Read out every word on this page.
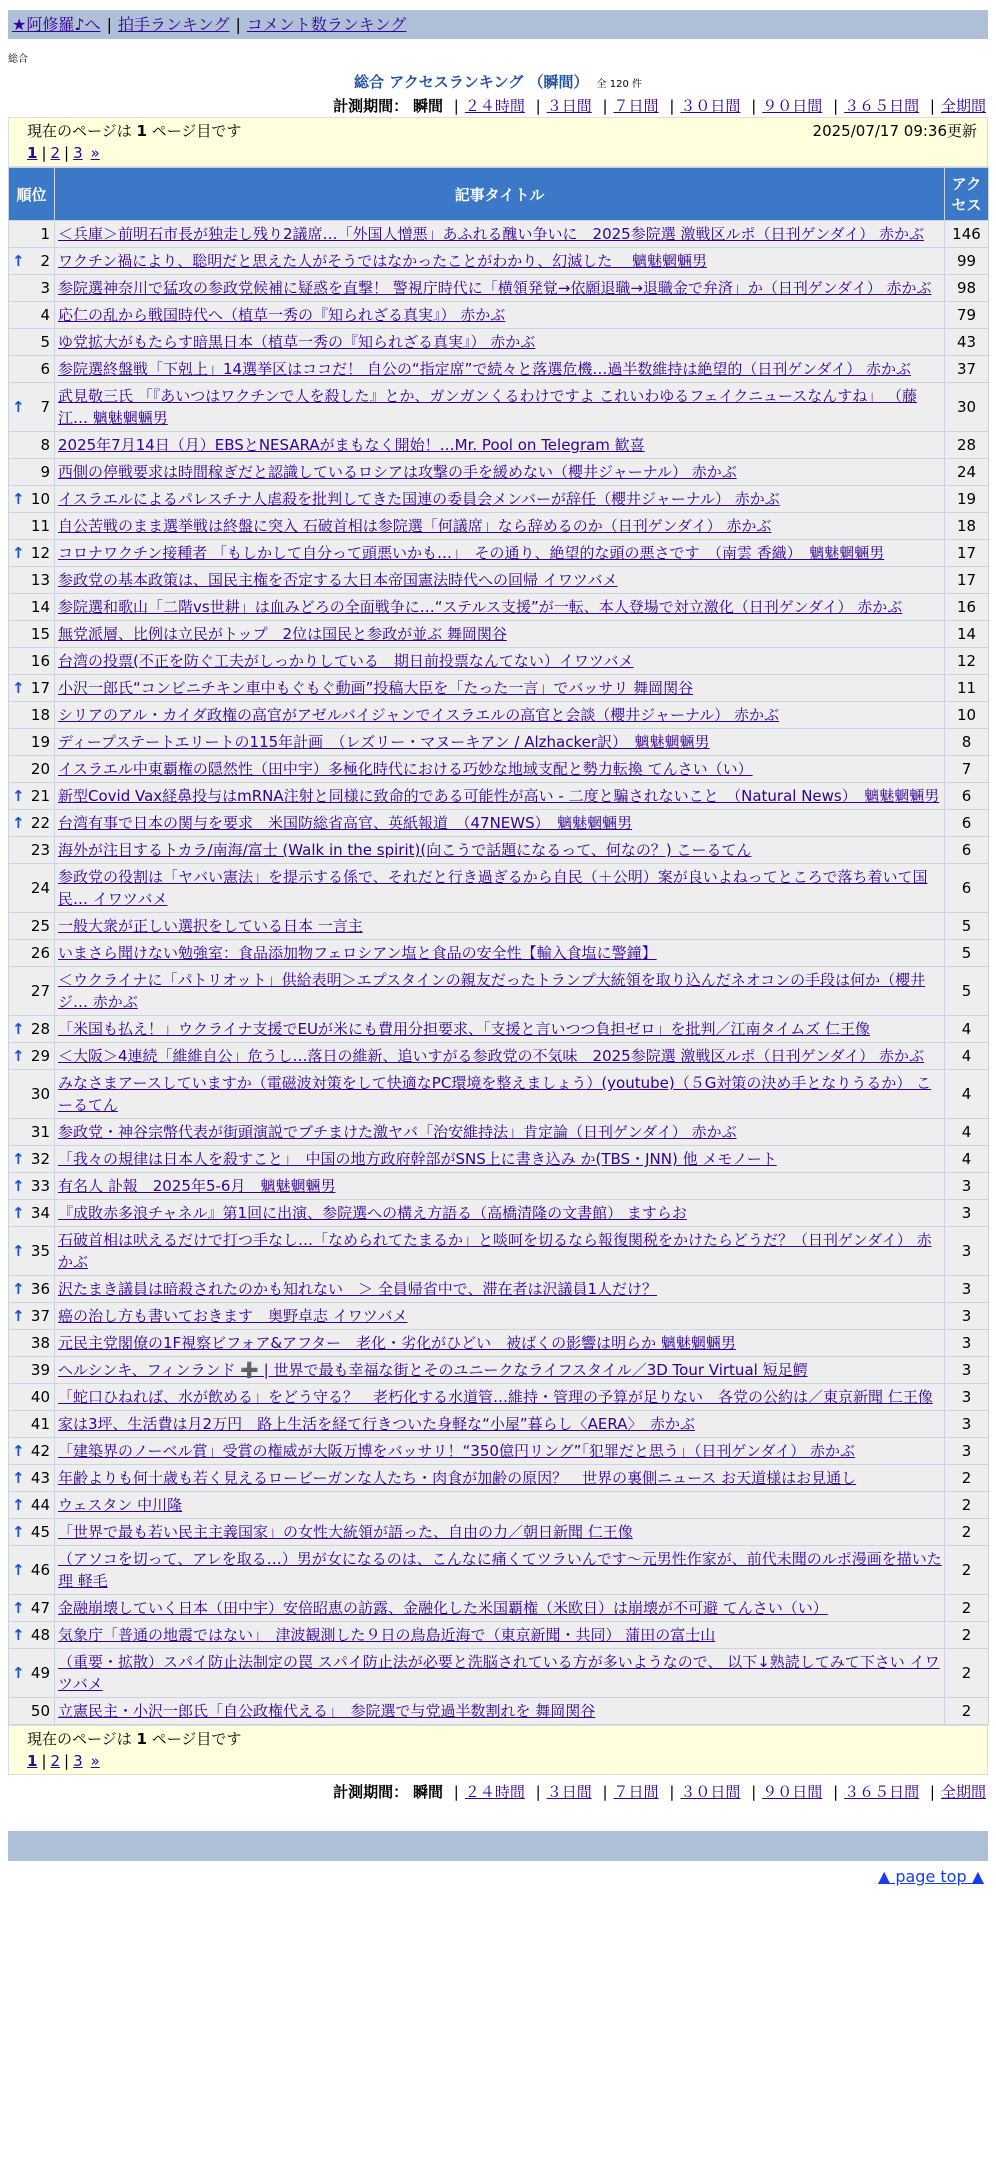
★阿修羅♪へ | 拍手ランキング | コメント数ランキング
総合
総合 アクセスランキング （瞬間） 全 120 件
計測期間： 瞬間 | ２４時間 | ３日間 | ７日間 | ３０日間 | ９０日間 | ３６５日間 | 全期間
現在のページは 1 ページ目です	2025/07/17 09:36更新
1 | 2 | 3 »
順位	記事タイトル	アクセス
1	＜兵庫＞前明石市長が独走し残り2議席…「外国人憎悪」あふれる醜い争いに　2025参院選 激戦区ルポ（日刊ゲンダイ） 赤かぶ	146

↑ 2	ワクチン禍により、聡明だと思えた人がそうではなかったことがわかり、幻滅した　 魑魅魍魎男	99
3	参院選神奈川で猛攻の参政党候補に疑惑を直撃！ 警視庁時代に「横領発覚→依願退職→退職金で弁済」か（日刊ゲンダイ） 赤かぶ	98
4	応仁の乱から戦国時代へ（植草一秀の『知られざる真実』） 赤かぶ	79
5	ゆ党拡大がもたらす暗黒日本（植草一秀の『知られざる真実』） 赤かぶ	43
6	参院選終盤戦「下剋上」14選挙区はココだ！ 自公の“指定席”で続々と落選危機…過半数維持は絶望的（日刊ゲンダイ） 赤かぶ	37

↑ 7	武見敬三氏 「『あいつはワクチンで人を殺した』とか、ガンガンくるわけですよ これいわゆるフェイクニュースなんすね」 （藤江… 魑魅魍魎男	30
8	2025年7月14日（月）EBSとNESARAがまもなく開始！…Mr. Pool on Telegram 歓喜	28
9	西側の停戦要求は時間稼ぎだと認識しているロシアは攻撃の手を緩めない（櫻井ジャーナル） 赤かぶ	24

↑ 10	イスラエルによるパレスチナ人虐殺を批判してきた国連の委員会メンバーが辞任（櫻井ジャーナル） 赤かぶ	19
11	自公苦戦のまま選挙戦は終盤に突入 石破首相は参院選「何議席」なら辞めるのか（日刊ゲンダイ） 赤かぶ	18

↑ 12	コロナワクチン接種者 「もしかして自分って頭悪いかも…」　その通り、絶望的な頭の悪さです　（南雲 香織）　魑魅魍魎男	17
13	参政党の基本政策は、国民主権を否定する大日本帝国憲法時代への回帰 イワツバメ	17
14	参院選和歌山「二階vs世耕」は血みどろの全面戦争に…“ステルス支援”が一転、本人登場で対立激化（日刊ゲンダイ） 赤かぶ	16
15	無党派層、比例は立民がトップ　2位は国民と参政が並ぶ 舞岡関谷	14
16	台湾の投票(不正を防ぐ工夫がしっかりしている　期日前投票なんてない）イワツバメ	12

↑ 17	小沢一郎氏“コンビニチキン車中もぐもぐ動画”投稿大臣を「たった一言」でバッサリ 舞岡関谷	11
18	シリアのアル・カイダ政権の高官がアゼルバイジャンでイスラエルの高官と会談（櫻井ジャーナル） 赤かぶ	10
19	ディープステートエリートの115年計画　（レズリー・マヌーキアン / Alzhacker訳）　魑魅魍魎男	8
20	イスラエル中東覇権の隠然性（田中宇）多極化時代における巧妙な地域支配と勢力転換 てんさい（い）	7

↑ 21	新型Covid Vax経鼻投与はmRNA注射と同様に致命的である可能性が高い - 二度と騙されないこと　（Natural News）　魑魅魍魎男	6

↑ 22	台湾有事で日本の関与を要求　米国防総省高官、英紙報道　（47NEWS）　魑魅魍魎男	6
23	海外が注目するトカラ/南海/富士 (Walk in the spirit)(向こうで話題になるって、何なの？) こーるてん	6
24	参政党の役割は「ヤバい憲法」を提示する係で、それだと行き過ぎるから自民（＋公明）案が良いよねってところで落ち着いて国民… イワツバメ	6
25	一般大衆が正しい選択をしている日本 一言主	5
26	いまさら聞けない勉強室：食品添加物フェロシアン塩と食品の安全性【輸入食塩に警鐘】	5
27	＜ウクライナに「パトリオット」供給表明＞エプスタインの親友だったトランプ大統領を取り込んだネオコンの手段は何か（櫻井ジ… 赤かぶ	5

↑ 28	「米国も払え！」ウクライナ支援でEUが米にも費用分担要求、「支援と言いつつ負担ゼロ」を批判／江南タイムズ 仁王像	4

↑ 29	＜大阪＞4連続「維維自公」危うし…落日の維新、追いすがる参政党の不気味　2025参院選 激戦区ルポ（日刊ゲンダイ） 赤かぶ	4
30	みなさまアースしていますか（電磁波対策をして快適なPC環境を整えましょう）(youtube)（５G対策の決め手となりうるか） こーるてん	4
31	参政党・神谷宗幣代表が街頭演説でブチまけた激ヤバ「治安維持法」肯定論（日刊ゲンダイ） 赤かぶ	4

↑ 32	「我々の規律は日本人を殺すこと」　中国の地方政府幹部がSNS上に書き込み か(TBS・JNN) 他 メモノート	4

↑ 33	有名人 訃報　2025年5-6月　魑魅魍魎男	3

↑ 34	『成敗赤多浪チャネル』第1回に出演、参院選への構え方語る（高橋清隆の文書館） ますらお	3

↑ 35	石破首相は吠えるだけで打つ手なし…「なめられてたまるか」と啖呵を切るなら報復関税をかけたらどうだ？（日刊ゲンダイ） 赤かぶ	3

↑ 36	沢たまき議員は暗殺されたのかも知れない　＞ 全員帰省中で、滞在者は沢議員1人だけ？	3

↑ 37	癌の治し方も書いておきます　奥野卓志 イワツバメ	3
38	元民主党閣僚の1F視察ビフォア&アフター　老化・劣化がひどい　被ばくの影響は明らか 魑魅魍魎男	3
39	ヘルシンキ、フィンランド ➕ | 世界で最も幸福な街とそのユニークなライフスタイル／3D Tour Virtual 短足鰐	3
40	「蛇口ひねれば、水が飲める」をどう守る？　老朽化する水道管…維持・管理の予算が足りない　各党の公約は／東京新聞 仁王像	3
41	家は3坪、生活費は月2万円　路上生活を経て行きついた身軽な“小屋”暮らし〈AERA〉　赤かぶ	3

↑ 42	「建築界のノーベル賞」受賞の権威が大阪万博をバッサリ！“350億円リング”「犯罪だと思う」（日刊ゲンダイ） 赤かぶ	3

↑ 43	年齢よりも何十歳も若く見えるロービーガンな人たち・肉食が加齢の原因？　世界の裏側ニュース お天道様はお見通し	2

↑ 44	ウェスタン 中川隆	2

↑ 45	「世界で最も若い民主主義国家」の女性大統領が語った、自由の力／朝日新聞 仁王像	2

↑ 46	（アソコを切って、アレを取る…）男が女になるのは、こんなに痛くてツラいんです〜元男性作家が、前代未聞のルポ漫画を描いた理 軽毛	2

↑ 47	金融崩壊していく日本（田中宇）安倍昭恵の訪露、金融化した米国覇権（米欧日）は崩壊が不可避 てんさい（い）	2

↑ 48	気象庁「普通の地震ではない」　津波観測した９日の鳥島近海で（東京新聞・共同） 蒲田の富士山	2

↑ 49	（重要・拡散）スパイ防止法制定の罠 スパイ防止法が必要と洗脳されている方が多いようなので、 以下↓熟読してみて下さい イワツバメ	2
50	立憲民主・小沢一郎氏「自公政権代える」　参院選で与党過半数割れを 舞岡関谷	2
現在のページは 1 ページ目です
1 | 2 | 3 »
計測期間： 瞬間 | ２４時間 | ３日間 | ７日間 | ３０日間 | ９０日間 | ３６５日間 | 全期間
▲ page top ▲
